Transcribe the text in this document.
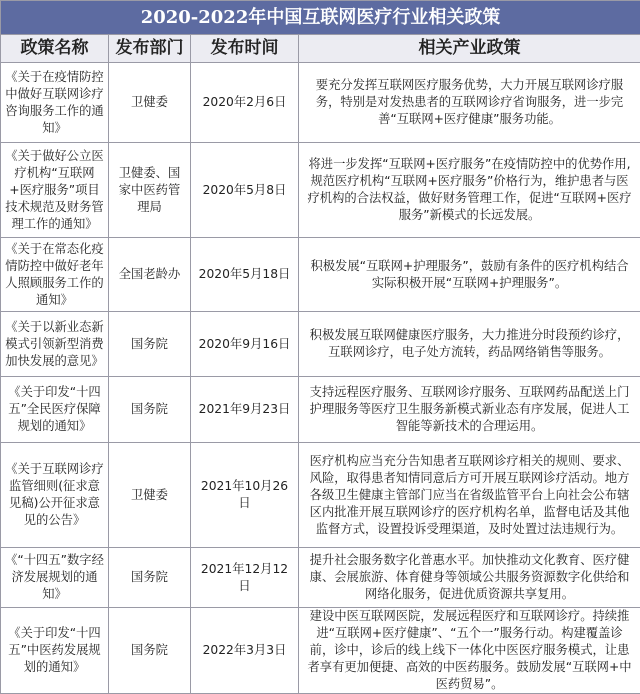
2020-2022年中国互联网医疗行业相关政策			
政策名称	发布部门	发布时间	相关产业政策
《关于在疫情防控中做好互联网诊疗咨询服务工作的通知》	卫健委	2020年2月6日	要充分发挥互联网医疗服务优势，大力开展互联网诊疗服务，特别是对发热患者的互联网诊疗省询服务，进一步完善“互联网+医疗健康”服务功能。
《关于做好公立医疗机构“互联网+医疗服务”项目技术规范及财务管理工作的通知》	卫健委、国家中医药管理局	2020年5月8日	将进一步发挥“互联网+医疗服务”在疫情防控中的优势作用,规范医疗机构“互联网+医疗服务”价格行为，维护患者与医疗机构的合法权益，做好财务管理工作，促进“互联网+医疗服务”新模式的长远发展。
《关于在常态化疫情防控中做好老年人照顾服务工作的通知》	全国老龄办	2020年5月18日	积极发展“互联网+护理服务”，鼓励有条件的医疗机构结合实际积极开展“互联网+护理服务”。
《关于以新业态新模式引领新型消费加快发展的意见》	国务院	2020年9月16日	积极发展互联网健康医疗服务，大力推进分时段预约诊疗，互联网诊疗，电子处方流转，药品网络销售等服务。
《关于印发“十四五”全民医疗保障规划的通知》	国务院	2021年9月23日	支持远程医疗服务、互联网诊疗服务、互联网药品配送上门护理服务等医疗卫生服务新模式新业态有序发展，促进人工智能等新技术的合理运用。
《关于互联网诊疗监管细则(征求意见稿)公开征求意见的公告》	卫健委	2021年10月26日	医疗机构应当充分告知患者互联网诊疗相关的规则、要求、风险，取得患者知情同意后方可开展互联网诊疗活动。地方各级卫生健康主管部门应当在省级监管平台上向社会公布辖区内批准开展互联网诊疗的医疗机构名单，监督电话及其他监督方式，设置投诉受理渠道，及时处置过法违规行为。
《“十四五”数字经济发展规划的通知》	国务院	2021年12月12日	提升社会服务数字化普惠水平。加快推动文化教育、医疗健康、会展旅游、体育健身等领域公共服务资源数字化供给和网络化服务，促进优质资源共享复用。
《关于印发“十四五”中医药发展规划的通知》	国务院	2022年3月3日	建设中医互联网医院，发展远程医疗和互联网诊疗。持续推进“互联网+医疗健康”、“五个一”服务行动。构建覆盖诊前，诊中，诊后的线上线下一体化中医医疗服务模式，让患者享有更加便捷、高效的中医药服务。鼓励发展“互联网+中医药贸易”。
